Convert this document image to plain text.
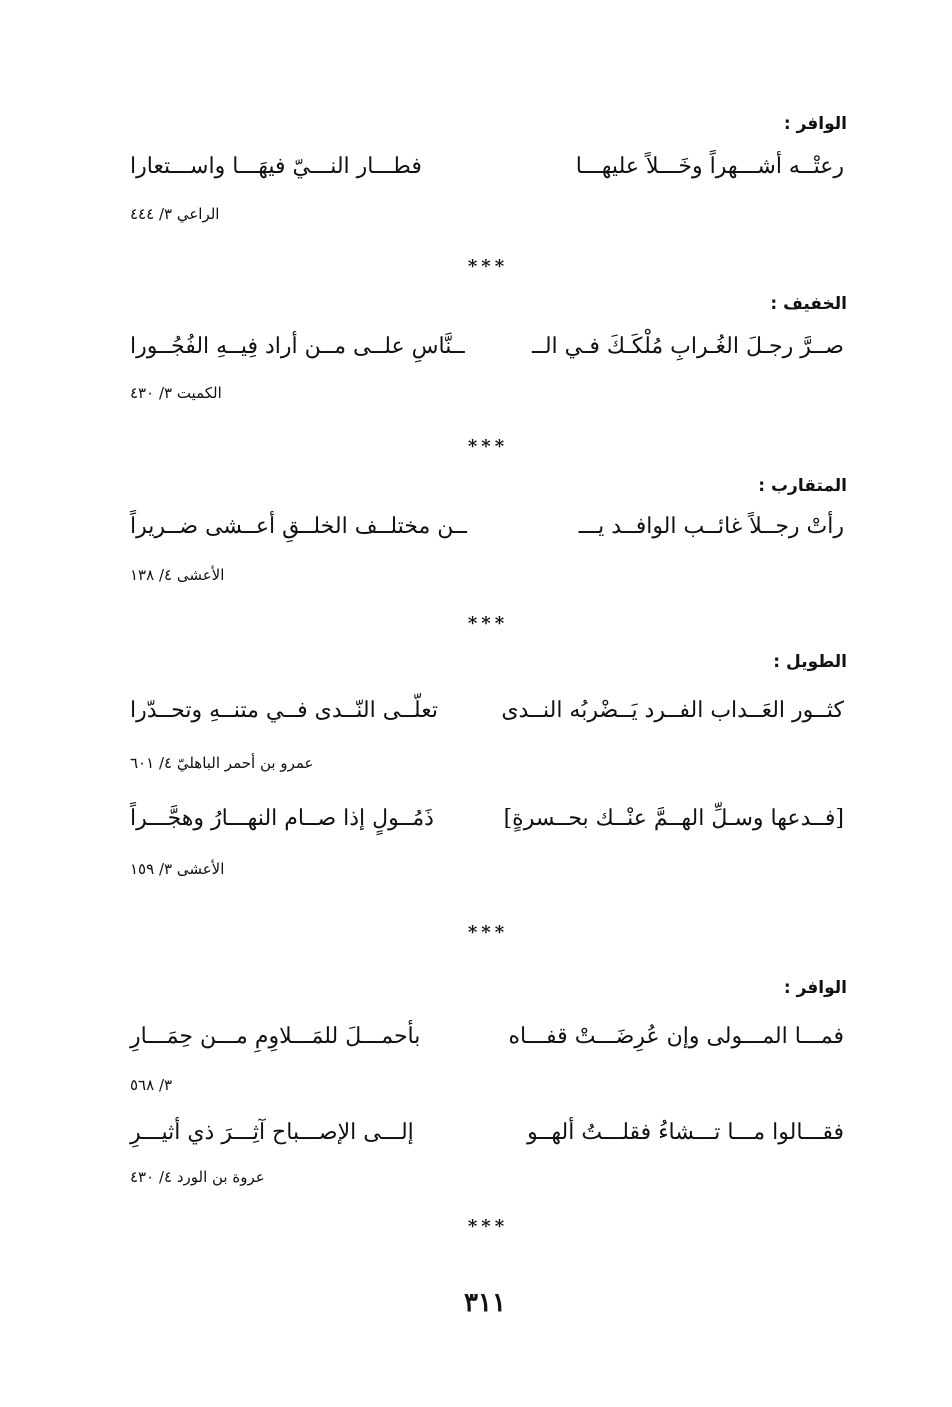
الوافر :
رعتْــه أشـــهراً وخَـــلاً عليهـــا
فطـــار النـــيّ فيهَـــا واســـتعارا
الراعي ٣/ ٤٤٤
***
الخفيف :
صــرَّ رجـلَ الغُـرابِ مُلْكَـكَ فـي الــ
ــنَّاسِ علــى مــن أراد فِيــهِ الفُجُــورا
الكميت ٣/ ٤٣٠
***
المتقارب :
رأتْ رجــلاً غائــب الوافــد يـــ
ــن مختلــف الخلــقِ أعــشى ضــريراً
الأعشى ٤/ ١٣٨
***
الطويل :
كثــور العَــداب الفــرد يَــضْربُه النــدى
تعلّــى النّــدى فــي متنــهِ وتحــدّرا
عمرو بن أحمر الباهليّ ٤/ ٦٠١
[فــدعها وسـلِّ الهــمَّ عنْــك بحــسرةٍ]
ذَمُــولٍ إذا صــام النهـــارُ وهجَّـــراً
الأعشى ٣/ ١٥٩
***
الوافر :
فمـــا المـــولى وإن عُرِضَـــتْ قفـــاه
بأحمـــلَ للمَـــلاوِمِ مـــن حِمَـــارِ
٣/ ٥٦٨
فقـــالوا مـــا تـــشاءُ فقلـــتُ ألهــو
إلـــى الإصـــباح آثِـــرَ ذي أثيـــرِ
عروة بن الورد ٤/ ٤٣٠
***
٣١١
